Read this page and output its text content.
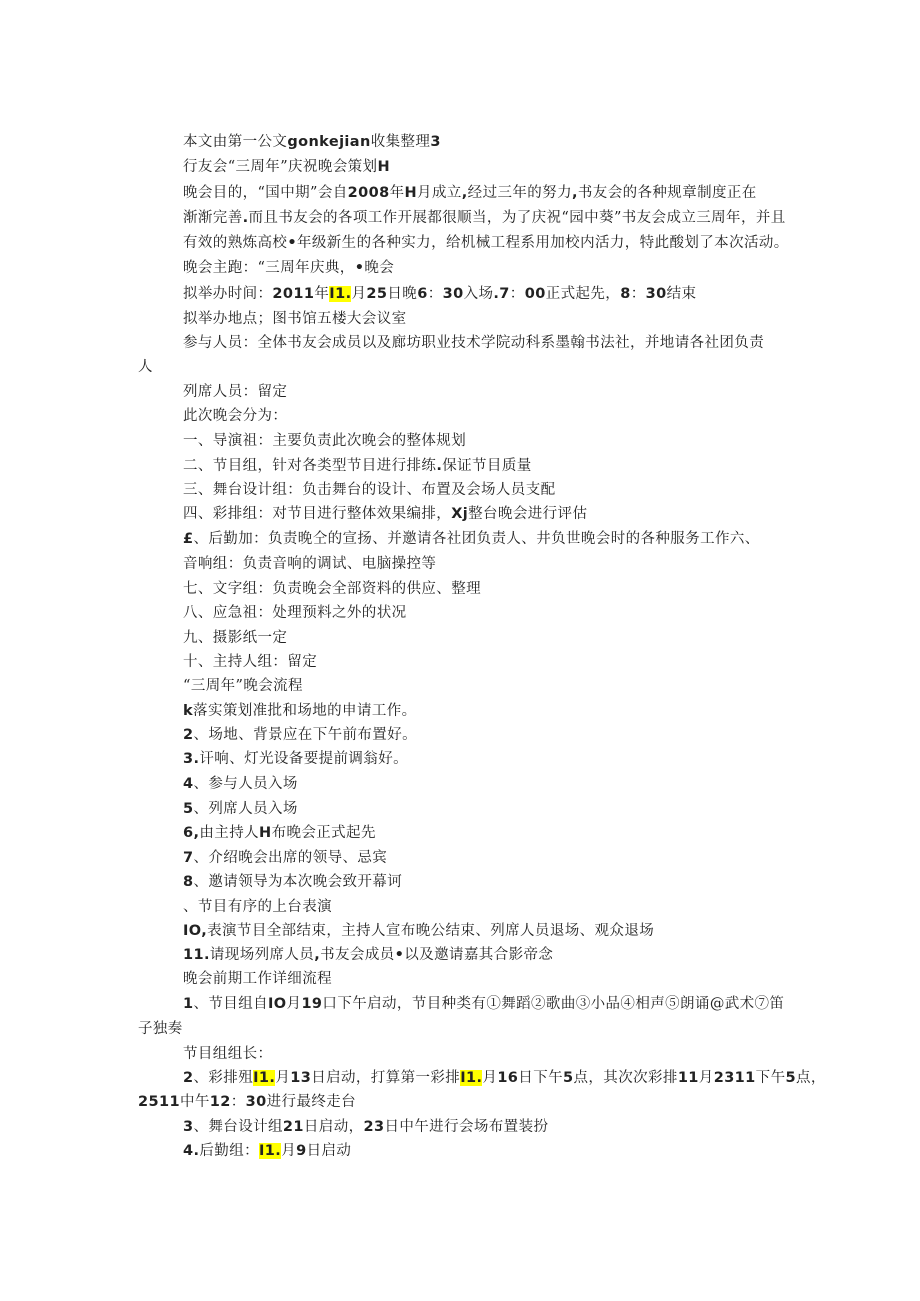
本文由第一公文gonkejian收集整理3
行友会“三周年”庆祝晚会策划H
晚会目的，“国中期”会自2008年H月成立,经过三年的努力,书友会的各种规章制度正在
渐渐完善.而且书友会的各项工作开展都很顺当，为了庆祝“园中葵”书友会成立三周年，并且
有效的熟炼高校•年级新生的各种实力，给机械工程系用加校内活力，特此酸划了本次活动。
晚会主跑：“三周年庆典，•晚会
拟举办时间：2011年I1.月25日晚6：30入场.7：00正式起先，8：30结束
拟举办地点；图书馆五楼大会议室
参与人员：全体书友会成员以及廊坊职业技术学院动科系墨翰书法社，并地请各社团负责
人
列席人员：留定
此次晚会分为：
一、导演祖：主要负责此次晚会的整体规划
二、节目组，针对各类型节目进行排练.保证节目质量
三、舞台设计组：负击舞台的设计、布置及会场人员支配
四、彩排组：对节目进行整体效果编排，Xj整台晚会进行评估
£、后勤加：负责晚仝的宣扬、并邀请各社团负责人、井负世晚会时的各种服务工作六、
音响组：负责音响的调试、电脑操控等
七、文字组：负责晚会全部资料的供应、整理
八、应急祖：处理预料之外的状况
九、摄影纸一定
十、主持人组：留定
“三周年”晚会流程
k落实策划准批和场地的申请工作。
2、场地、背景应在下午前布置好。
3.讦响、灯光设备要提前调翁好。
4、参与人员入场
5、列席人员入场
6,由主持人H布晚会正式起先
7、介绍晚会出席的领导、忌宾
8、邀请领导为本次晚会致开幕诃
、节目有序的上台表演
IO,表演节目全部结束，主持人宣布晚公结束、列席人员退场、观众退场
11.请现场列席人员,书友会成员•以及邀请嘉其合影帝念
晚会前期工作详细流程
1、节目组自IO月19口下午启动，节目种类有①舞蹈②歌曲③小品④相声⑤朗诵@武术⑦笛
子独奏
节目组组长：
2、彩排殂I1.月13日启动，打算第一彩排I1.月16日下午5点，其次次彩排11月2311下午5点，
2511中午12：30进行最终走台
3、舞台设计组21日启动，23日中午进行会场布置装扮
4.后勤组：I1.月9日启动
